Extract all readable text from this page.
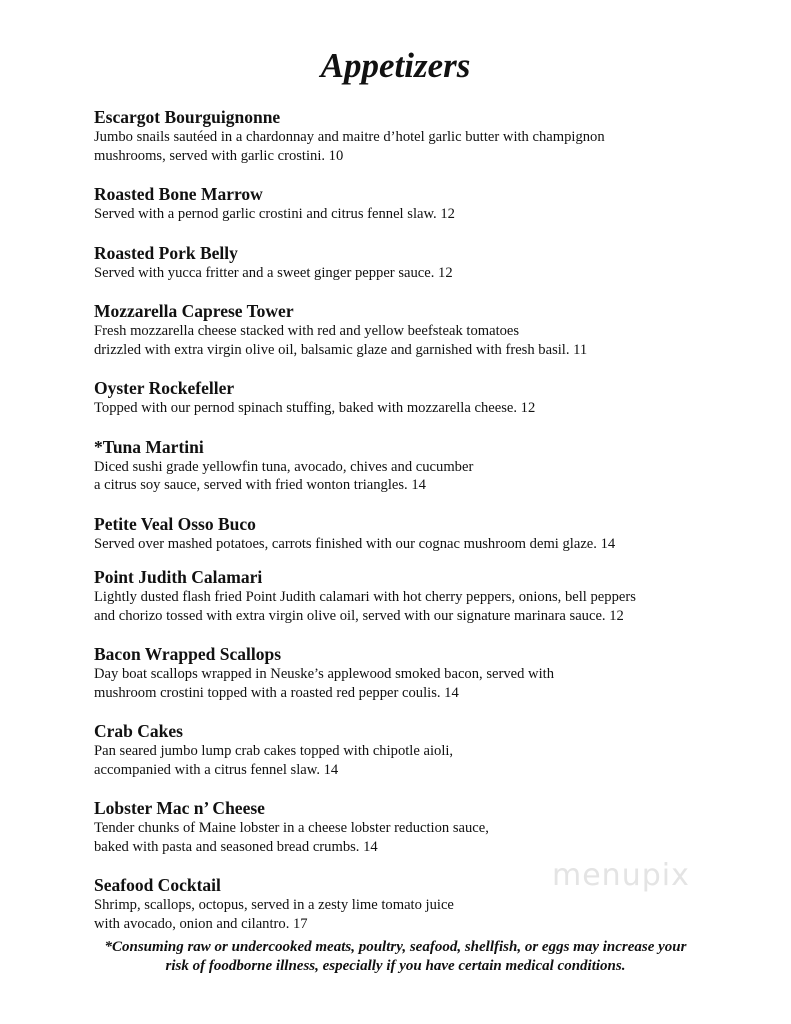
Appetizers
Escargot Bourguignonne
Jumbo snails sautéed in a chardonnay and maitre d’hotel garlic butter with champignon
mushrooms, served with garlic crostini. 10
Roasted Bone Marrow
Served with a pernod garlic crostini and citrus fennel slaw. 12
Roasted Pork Belly
Served with yucca fritter and a sweet ginger pepper sauce. 12
Mozzarella Caprese Tower
Fresh mozzarella cheese stacked with red and yellow beefsteak tomatoes
drizzled with extra virgin olive oil, balsamic glaze and garnished with fresh basil. 11
Oyster Rockefeller
Topped with our pernod spinach stuffing, baked with mozzarella cheese. 12
*Tuna Martini
Diced sushi grade yellowfin tuna, avocado, chives and cucumber
a citrus soy sauce, served with fried wonton triangles. 14
Petite Veal Osso Buco
Served over mashed potatoes, carrots finished with our cognac mushroom demi glaze. 14
Point Judith Calamari
Lightly dusted flash fried Point Judith calamari with hot cherry peppers, onions, bell peppers
and chorizo tossed with extra virgin olive oil, served with our signature marinara sauce. 12
Bacon Wrapped Scallops
Day boat scallops wrapped in Neuske’s applewood smoked bacon, served with
mushroom crostini topped with a roasted red pepper coulis. 14
Crab Cakes
Pan seared jumbo lump crab cakes topped with chipotle aioli,
accompanied with a citrus fennel slaw. 14
Lobster Mac n’ Cheese
Tender chunks of Maine lobster in a cheese lobster reduction sauce,
baked with pasta and seasoned bread crumbs. 14
Seafood Cocktail
Shrimp, scallops, octopus, served in a zesty lime tomato juice
with avocado, onion and cilantro. 17
menupix
*Consuming raw or undercooked meats, poultry, seafood, shellfish, or eggs may increase your
risk of foodborne illness, especially if you have certain medical conditions.
